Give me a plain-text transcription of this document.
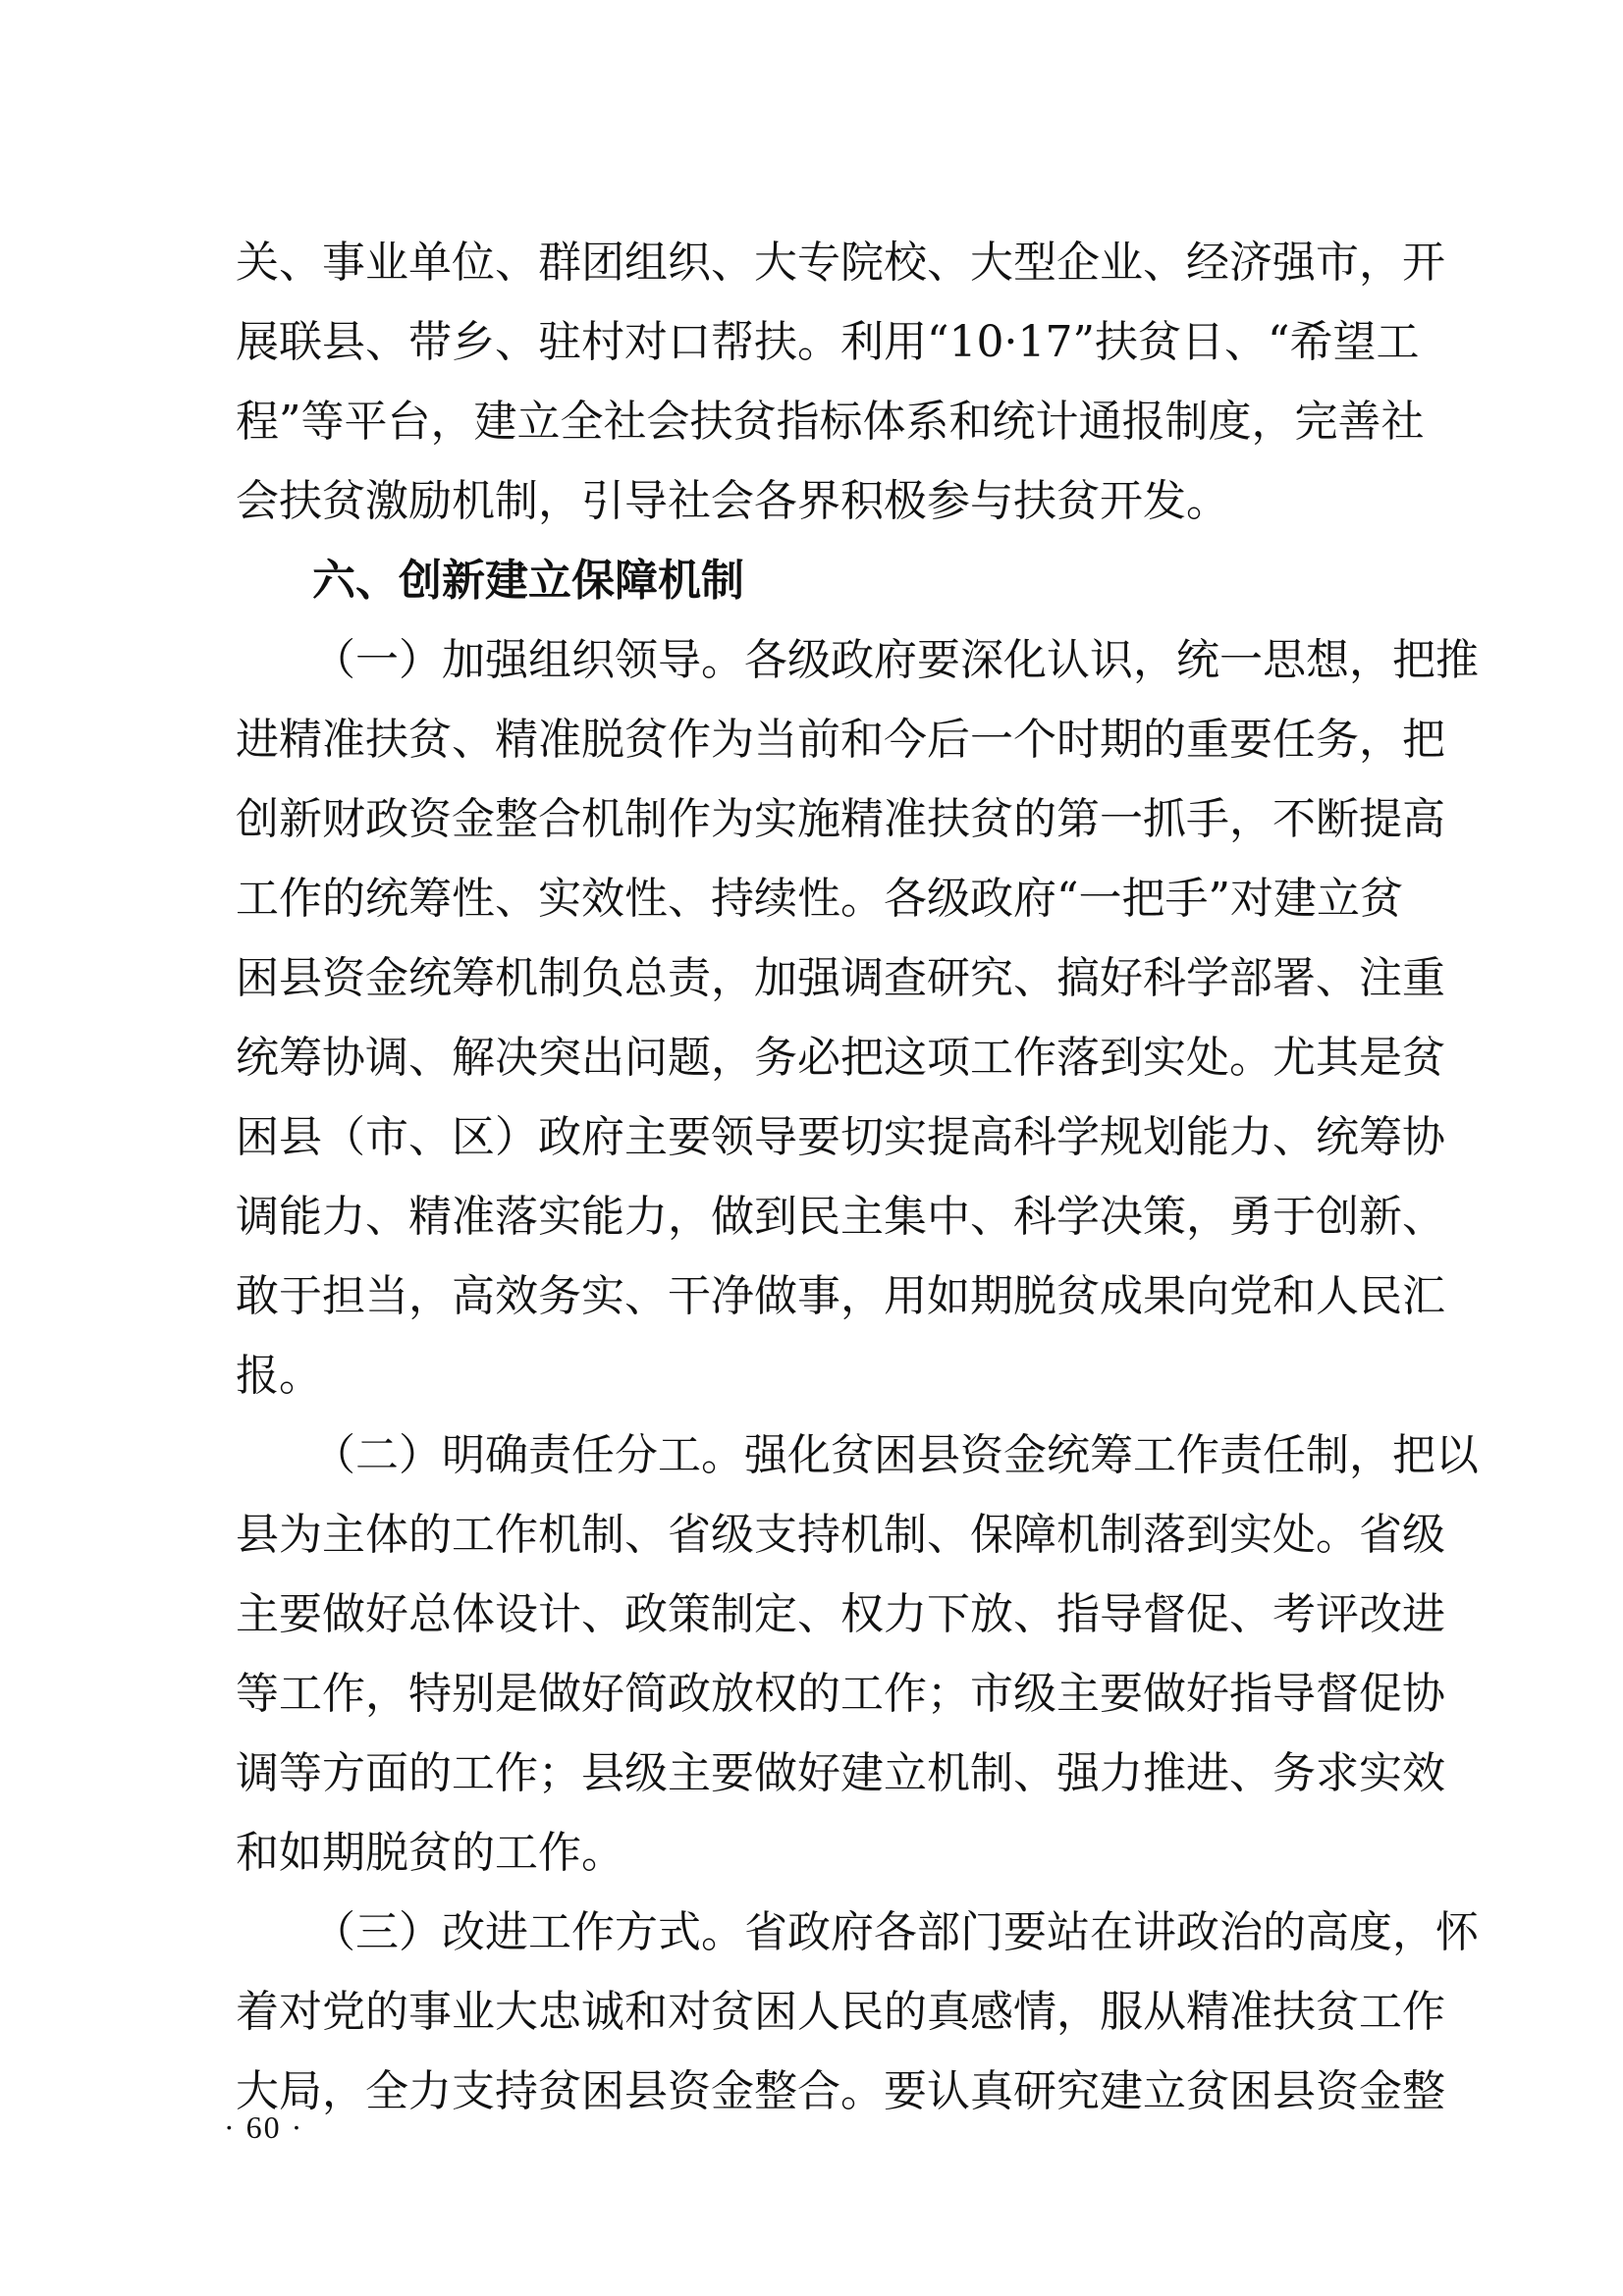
关、事业单位、群团组织、大专院校、大型企业、经济强市，开
展联县、带乡、驻村对口帮扶。利用“10·17”扶贫日、“希望工
程”等平台，建立全社会扶贫指标体系和统计通报制度，完善社
会扶贫激励机制，引导社会各界积极参与扶贫开发。
六、创新建立保障机制
（一）加强组织领导。各级政府要深化认识，统一思想，把推
进精准扶贫、精准脱贫作为当前和今后一个时期的重要任务，把
创新财政资金整合机制作为实施精准扶贫的第一抓手，不断提高
工作的统筹性、实效性、持续性。各级政府“一把手”对建立贫
困县资金统筹机制负总责，加强调查研究、搞好科学部署、注重
统筹协调、解决突出问题，务必把这项工作落到实处。尤其是贫
困县（市、区）政府主要领导要切实提高科学规划能力、统筹协
调能力、精准落实能力，做到民主集中、科学决策，勇于创新、
敢于担当，高效务实、干净做事，用如期脱贫成果向党和人民汇
报。
（二）明确责任分工。强化贫困县资金统筹工作责任制，把以
县为主体的工作机制、省级支持机制、保障机制落到实处。省级
主要做好总体设计、政策制定、权力下放、指导督促、考评改进
等工作，特别是做好简政放权的工作；市级主要做好指导督促协
调等方面的工作；县级主要做好建立机制、强力推进、务求实效
和如期脱贫的工作。
（三）改进工作方式。省政府各部门要站在讲政治的高度，怀
着对党的事业大忠诚和对贫困人民的真感情，服从精准扶贫工作
大局，全力支持贫困县资金整合。要认真研究建立贫困县资金整
· 60 ·
